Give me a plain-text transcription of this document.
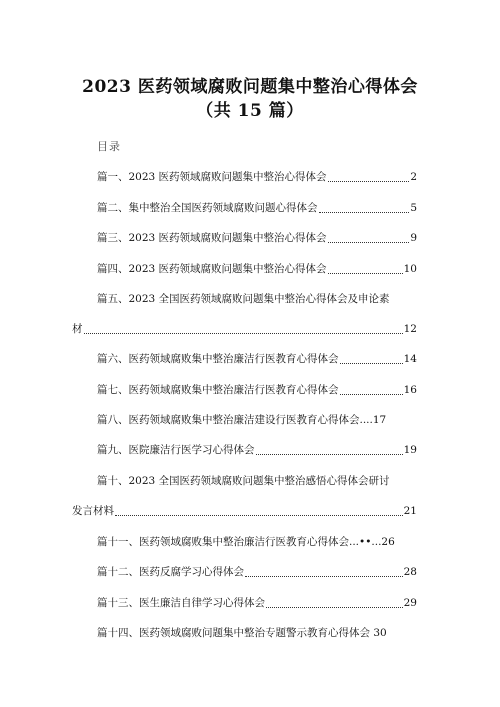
2023 医药领域腐败问题集中整治心得体会
（共 15 篇）
目录
篇一、2023 医药领域腐败问题集中整治心得体会	2
篇二、集中整治全国医药领域腐败问题心得体会	5
篇三、2023 医药领域腐败问题集中整治心得体会	9
篇四、2023 医药领域腐败问题集中整治心得体会	10
篇五、2023 全国医药领域腐败问题集中整治心得体会及申论素
材	12
篇六、医药领域腐败集中整治廉洁行医教育心得体会	14
篇七、医药领域腐败集中整治廉洁行医教育心得体会	16
篇八、医药领域腐败集中整治廉洁建设行医教育心得体会....17
篇九、医院廉洁行医学习心得体会	19
篇十、2023 全国医药领域腐败问题集中整治感悟心得体会研讨
发言材料	21
篇十一、医药领域腐败集中整治廉洁行医教育心得体会...••...26
篇十二、医药反腐学习心得体会	28
篇十三、医生廉洁自律学习心得体会	29
篇十四、医药领域腐败问题集中整治专题警示教育心得体会 30
